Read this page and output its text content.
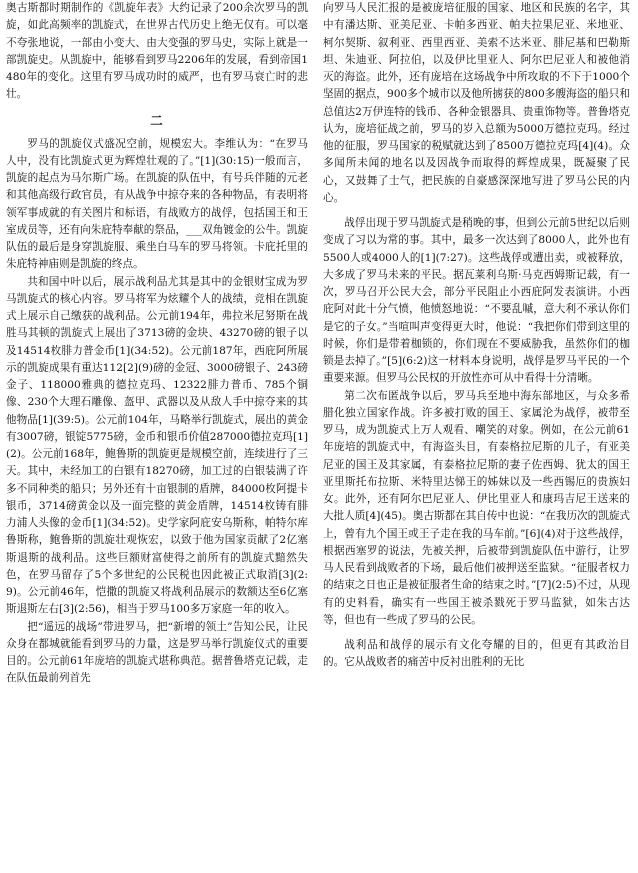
奥古斯都时期制作的《凯旋年表》大约记录了200余次罗马的凯旋，如此高频率的凯旋式，在世界古代历史上绝无仅有。可以毫不夸张地说，一部由小变大、由大变强的罗马史，实际上就是一部凯旋史。从凯旋中，能够看到罗马2206年的发展，看到帝国1480年的变化。这里有罗马成功时的威严，也有罗马衰亡时的悲壮。

二

罗马的凯旋仪式盛况空前，规模宏大。李维认为：“在罗马人中，没有比凯旋式更为辉煌壮观的了。”[1](30:15)一般而言，凯旋的起点为马尔斯广场。在凯旋的队伍中，有号兵伴随的元老和其他高级行政官员，有从战争中掠夺来的各种物品，有表明将领军事成就的有关图片和标语，有战败方的战俘，包括国王和王室成员等，还有向朱庇特奉献的祭品，___双角镀金的公牛。凯旋队伍的最后是身穿凯旋服、乘坐白马车的罗马将领。卡庇托里的朱庇特神庙则是凯旋的终点。

共和国中叶以后，展示战利品尤其是其中的金银财宝成为罗马凯旋式的核心内容。罗马将军为炫耀个人的战绩，竞相在凯旋式上展示自己缴获的战利品。公元前194年，弗拉米尼努斯在战胜马其顿的凯旋式上展出了3713磅的金块、43270磅的银子以及14514枚腓力普金币[1](34:52)。公元前187年，西庇阿所展示的凯旋成果有重达112[2](9)磅的金冠、3000磅银子、243磅金子、118000雅典的德拉克玛、12322腓力普币、785个铜像、230个大理石雕像、盔甲、武器以及从敌人手中掠夺来的其他物品[1](39:5)。公元前104年，马略举行凯旋式，展出的黄金有3007磅，银锭5775磅，金币和银币价值287000德拉克玛[1](2)。公元前168年，鲍鲁斯的凯旋更是规模空前，连续进行了三天。其中，未经加工的白银有18270磅，加工过的白银装满了许多不同种类的船只；另外还有十亩银制的盾牌，84000枚阿提卡银币，3714磅黄金以及一面完整的黄金盾牌，14514枚铸有腓力浦人头像的金币[1](34:52)。史学家阿庇安乌斯称，帕特尔库鲁斯称，鲍鲁斯的凯旋壮观恢宏，以致于他为国家贡献了2亿塞斯退斯的战利品。这些巨额财富使得之前所有的凯旋式黯然失色，在罗马留存了5个多世纪的公民税也因此被正式取消[3](2:9)。公元前46年，恺撒的凯旋又将战利品展示的数额达至6亿塞斯退斯左右[3](2:56)，相当于罗马100多万家庭一年的收入。

把“遥远的战场”带进罗马，把“新增的领土”告知公民，让民众身在都城就能看到罗马的力量，这是罗马举行凯旋仪式的重要目的。公元前61年庞培的凯旋式堪称典范。据普鲁塔克记载，走在队伍最前列首先

向罗马人民汇报的是被庞培征服的国家、地区和民族的名字，其中有潘达斯、亚美尼亚、卡帕多西亚、帕夫拉果尼亚、米地亚、柯尔契斯、叙利亚、西里西亚、美索不达米亚、腓尼基和巴勒斯坦、朱迪亚、阿拉伯，以及伊比里亚人、阿尔巴尼亚人和被他消灭的海盗。此外，还有庞培在这场战争中所攻取的不下于1000个坚固的据点，900多个城市以及他所掳获的800多艘海盗的船只和总值达2万伊连特的钱币、各种金银器具、贵重饰物等。普鲁塔克认为，庞培征战之前，罗马的岁入总额为5000万德拉克玛。经过他的征服，罗马国家的税赋就达到了8500万德拉克玛[4](4)。众多闻所未闻的地名以及因战争而取得的辉煌成果，既凝聚了民心，又鼓舞了士气，把民族的自豪感深深地写进了罗马公民的内心。

战俘出现于罗马凯旋式是稍晚的事，但到公元前5世纪以后则变成了习以为常的事。其中，最多一次达到了8000人，此外也有5500人或4000人的[1](7:27)。这些战俘或遭出卖，或被释放，大多成了罗马未来的平民。据瓦莱利乌斯·马克西姆斯记载，有一次，罗马召开公民大会，部分平民阻止小西庇阿发表演讲。小西庇阿对此十分气愤，他愤怒地说：“不要乱嘁，意大利不承认你们是它的子女。”当喧叫声变得更大时，他说：“我把你们带到这里的时候，你们是带着枷锁的，你们现在不要威胁我，虽然你们的枷锁是去掉了。”[5](6:2)这一材料本身说明，战俘是罗马平民的一个重要来源。但罗马公民权的开放性亦可从中看得十分清晰。

第二次布匿战争以后，罗马兵至地中海东部地区，与众多希腊化独立国家作战。许多被打败的国王、家属沦为战俘，被带至罗马，成为凯旋式上万人观看、嘲笑的对象。例如，在公元前61年庞培的凯旋式中，有海盗头目，有泰格拉尼斯的儿子，有亚美尼亚的国王及其家属，有泰格拉尼斯的妻子佐西姆、犹太的国王亚里斯托布拉斯、米特里达悌王的姊妹以及一些西锡厄的贵族妇女。此外，还有阿尔巴尼亚人、伊比里亚人和康玛吉尼王送来的大批人质[4](45)。奥古斯都在其自传中也说：“在我历次的凯旋式上，曾有九个国王或王子走在我的马车前。”[6](4)对于这些战俘，根据西塞罗的说法，先被关押，后被带到凯旋队伍中游行，让罗马人民看到战败者的下场，最后他们被押送至监狱。“征服者权力的结束之日也正是被征服者生命的结束之时。”[7](2:5)不过，从现有的史料看，确实有一些国王被杀戮死于罗马监狱，如朱古达等，但也有一些成了罗马的公民。

战利品和战俘的展示有文化夸耀的目的，但更有其政治目的。它从战败者的痛苦中反衬出胜利的无比
